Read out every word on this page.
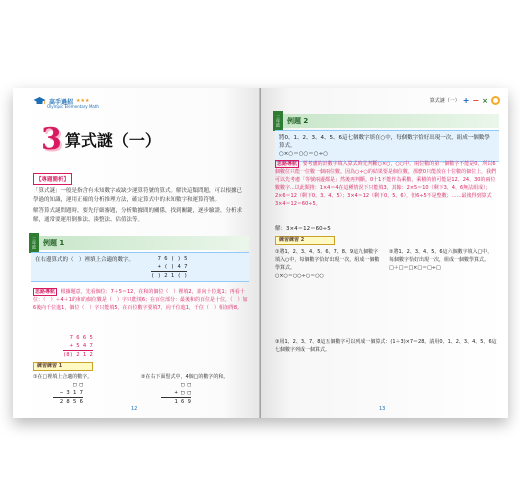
高手過招 ★★★
Olympic Elementary Math
3 算式謎（一）
【專題簡析】

「算式謎」一般是指含有未知數字或缺少運算符號的算式。解決這類問題，可以根據已學過的知識，運用正確的分析推理方法，確定算式中的未知數字和運算符號。

解答算式謎問題時，要先仔細審題，分析數據間的關係，找到關鍵，逐步驗證，分析求解，通常要運用倒推法、湊整法、估值法等。

三年級 例題 1
在右邊算式的（　）裡填上合適的數字。	7 6 ( ) 5
+ ( ) 4 7
( ) 2 1 ( )
思路導航 根據題意，先看個位：7＋5＝12，在和的個位（　）裡填2，並向十位進1；再看十位：（　）＋4＋1的和的個位數是（　）字只能填6；在百位部分：最後和的百位是十位，（　）加6後向千位進1，個位（　）字只能填5，在百位數字要填7，向千位進1，千位（　）相加得8。
7 6 6 5
+ 5 4 7
(8) 2 1 2
練習練習 1
①在□裡填上合適的數字。
□ □
− 3 1 7
2 8 5 6
②在右下面豎式中，4個□的數字的和。
□ □
+ □ □
1 6 9
12
算式謎（一） + − ×
三年級 例題 2
將0、1、2、3、4、5、6這七個數字填在○中，每個數字恰好出現一次，組成一個數學算式。
○×○＝○○＝○÷○
思路導航 要考慮的計數字填入算式時先判斷○×○，○○中，兩位數的第一個數字不能是0，所以6個數位只能一位數一個兩位數。因為○÷○的結果要是個位數，那麼0只能放在十位數的個位上，我們可以先考慮「等號兩邊都是」然後再判斷。0十1不能作為乘數，乘積的值可能是12、24、30的兩位數數字...以此類推：1×4＝4在這種情況下只能填3，其餘：2×5＝10（剩下3、4、6無法組成）；2×6＝12（剩下0、3、4、5）；3×4＝12（剩下0、5、6），但6÷5不是整數；……最後得到算式3×4＝12＝60÷5。
解：3×4＝12＝60÷5
練習練習 2
①將1、2、3、4、5、6、7、8、9這九個數字填入○中，每個數字恰好出現一次，組成一個數學算式。
○×○＝○○÷○＝○○
②將1、2、3、4、5、6這六個數字填入□中，每個數字恰好出現一次，組成一個數學算式。
□＋□＝□×□＝□÷□
③用1、2、3、7、8這五個數字可以列成一個算式：(1＋3)×7＝28。請用0、1、2、3、4、5、6這七個數字列成一個算式。
13
